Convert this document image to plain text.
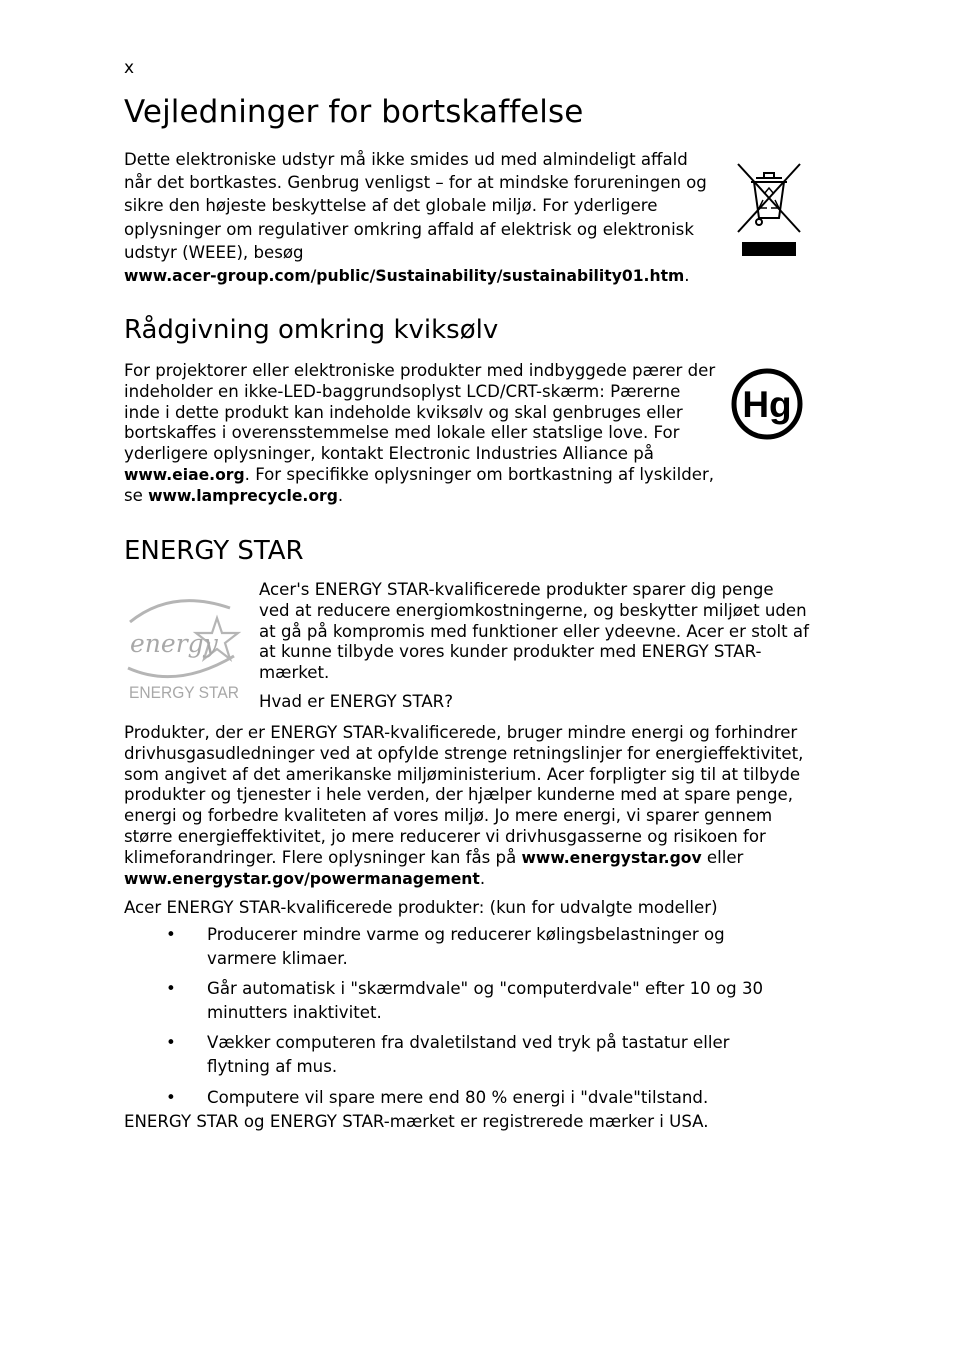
x
Vejledninger for bortskaffelse

Dette elektroniske udstyr må ikke smides ud med almindeligt affald når det bortkastes. Genbrug venligst – for at mindske forureningen og sikre den højeste beskyttelse af det globale miljø. For yderligere oplysninger om regulativer omkring affald af elektrisk og elektronisk udstyr (WEEE), besøg
www.acer-group.com/public/Sustainability/sustainability01.htm.

Rådgivning omkring kviksølv

For projektorer eller elektroniske produkter med indbyggede pærer der indeholder en ikke-LED-baggrundsoplyst LCD/CRT-skærm: Pærerne inde i dette produkt kan indeholde kviksølv og skal genbruges eller bortskaffes i overensstemmelse med lokale eller statslige love. For yderligere oplysninger, kontakt Electronic Industries Alliance på www.eiae.org. For specifikke oplysninger om bortkastning af lyskilder, se www.lamprecycle.org.

Hg
ENERGY STAR
energy
ENERGY STAR

Acer's ENERGY STAR-kvalificerede produkter sparer dig penge ved at reducere energiomkostningerne, og beskytter miljøet uden at gå på kompromis med funktioner eller ydeevne. Acer er stolt af at kunne tilbyde vores kunder produkter med ENERGY STAR-mærket.

Hvad er ENERGY STAR?

Produkter, der er ENERGY STAR-kvalificerede, bruger mindre energi og forhindrer drivhusgasudledninger ved at opfylde strenge retningslinjer for energieffektivitet, som angivet af det amerikanske miljøministerium. Acer forpligter sig til at tilbyde produkter og tjenester i hele verden, der hjælper kunderne med at spare penge, energi og forbedre kvaliteten af vores miljø. Jo mere energi, vi sparer gennem større energieffektivitet, jo mere reducerer vi drivhusgasserne og risikoen for klimeforandringer. Flere oplysninger kan fås på www.energystar.gov eller www.energystar.gov/powermanagement.

Acer ENERGY STAR-kvalificerede produkter: (kun for udvalgte modeller)

• Producerer mindre varme og reducerer kølingsbelastninger og varmere klimaer.
• Går automatisk i "skærmdvale" og "computerdvale" efter 10 og 30 minutters inaktivitet.
• Vækker computeren fra dvaletilstand ved tryk på tastatur eller flytning af mus.
• Computere vil spare mere end 80 % energi i "dvale"tilstand.

ENERGY STAR og ENERGY STAR-mærket er registrerede mærker i USA.
